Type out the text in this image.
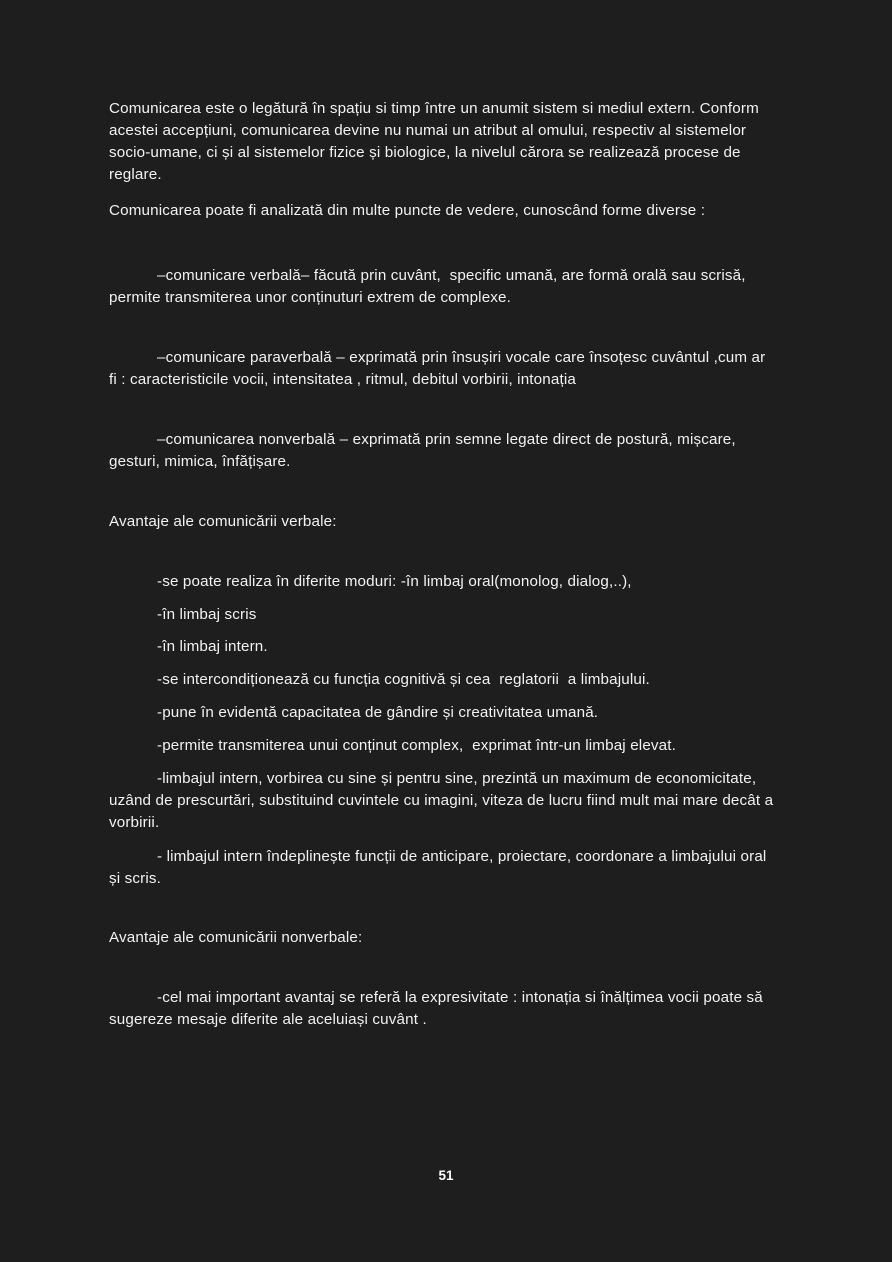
Comunicarea este o legătură în spațiu si timp între un anumit sistem si mediul extern. Conform acestei accepțiuni, comunicarea devine nu numai un atribut al omului, respectiv al sistemelor socio-umane, ci și al sistemelor fizice și biologice, la nivelul cărora se realizează procese de reglare.

Comunicarea poate fi analizată din multe puncte de vedere, cunoscând forme diverse :

–comunicare verbală– făcută prin cuvânt,  specific umană, are formă orală sau scrisă, permite transmiterea unor conținuturi extrem de complexe.

–comunicare paraverbală – exprimată prin însușiri vocale care însoțesc cuvântul ,cum ar fi : caracteristicile vocii, intensitatea , ritmul, debitul vorbirii, intonația

–comunicarea nonverbală – exprimată prin semne legate direct de postură, mișcare, gesturi, mimica, înfățișare.

Avantaje ale comunicării verbale:

-se poate realiza în diferite moduri: -în limbaj oral(monolog, dialog,..),

-în limbaj scris

-în limbaj intern.

-se intercondiționează cu funcția cognitivă și cea  reglatorii  a limbajului.

-pune în evidentă capacitatea de gândire și creativitatea umană.

-permite transmiterea unui conținut complex,  exprimat într-un limbaj elevat.

-limbajul intern, vorbirea cu sine și pentru sine, prezintă un maximum de economicitate, uzând de prescurtări, substituind cuvintele cu imagini, viteza de lucru fiind mult mai mare decât a vorbirii.

- limbajul intern îndeplinește funcții de anticipare, proiectare, coordonare a limbajului oral și scris.

Avantaje ale comunicării nonverbale:

-cel mai important avantaj se referă la expresivitate : intonația si înălțimea vocii poate să sugereze mesaje diferite ale aceluiași cuvânt .

51
